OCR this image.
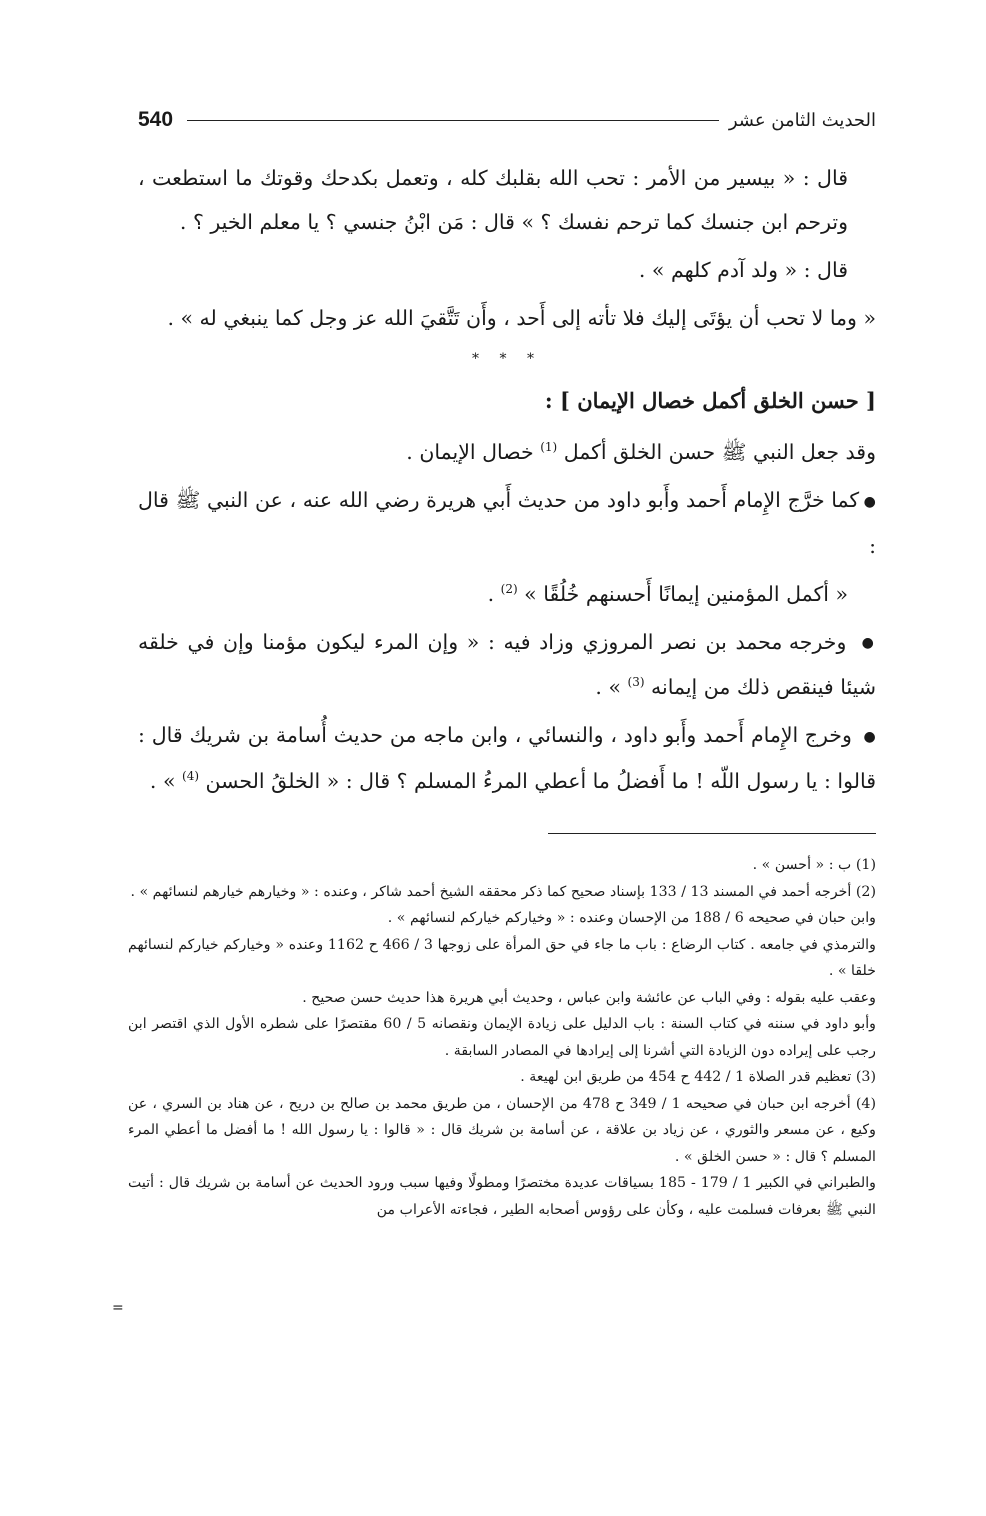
540	الحديث الثامن عشر

قال : « بيسير من الأمر : تحب الله بقلبك كله ، وتعمل بكدحك وقوتك ما استطعت ، وترحم ابن جنسك كما ترحم نفسك ؟ » قال : مَن ابْنُ جنسي ؟ يا معلم الخير ؟ .

قال : « ولد آدم كلهم » .

« وما لا تحب أن يؤتَى إليك فلا تأته إلى أَحد ، وأَن تَتَّقيَ الله عز وجل كما ينبغي له » .

* * *

[ حسن الخلق أكمل خصال الإيمان ] :

وقد جعل النبي ﷺ حسن الخلق أكمل $^{(1)}$ خصال الإيمان .

● كما خرَّج الإِمام أَحمد وأَبو داود من حديث أَبي هريرة رضي الله عنه ، عن النبي ﷺ قال :

« أكمل المؤمنين إيمانًا أَحسنهم خُلُقًا » $^{(2)}$ .

● وخرجه محمد بن نصر المروزي وزاد فيه : « وإن المرء ليكون مؤمنا وإن في خلقه شيئا فينقص ذلك من إيمانه $^{(3)}$ » .

● وخرج الإِمام أَحمد وأَبو داود ، والنسائي ، وابن ماجه من حديث أُسامة بن شريك قال : قالوا : يا رسول اللّه ! ما أَفضلُ ما أعطي المرءُ المسلم ؟ قال : « الخلقُ الحسن $^{(4)}$ » .

(1) ب : « أحسن » .

(2) أخرجه أحمد في المسند 13 / 133 بإسناد صحيح كما ذكر محققه الشيخ أحمد شاكر ، وعنده : « وخيارهم خيارهم لنسائهم » .

وابن حبان في صحيحه 6 / 188 من الإحسان وعنده : « وخياركم خياركم لنسائهم » .

والترمذي في جامعه . كتاب الرضاع : باب ما جاء في حق المرأة على زوجها 3 / 466 ح 1162 وعنده « وخياركم خياركم لنسائهم خلقا » .

وعقب عليه بقوله : وفي الباب عن عائشة وابن عباس ، وحديث أبي هريرة هذا حديث حسن صحيح .

وأبو داود في سننه في كتاب السنة : باب الدليل على زيادة الإيمان ونقصانه 5 / 60 مقتصرًا على شطره الأول الذي اقتصر ابن رجب على إيراده دون الزيادة التي أشرنا إلى إيرادها في المصادر السابقة .

(3) تعظيم قدر الصلاة 1 / 442 ح 454 من طريق ابن لهيعة .

(4) أخرجه ابن حبان في صحيحه 1 / 349 ح 478 من الإحسان ، من طريق محمد بن صالح بن دريح ، عن هناد بن السري ، عن وكيع ، عن مسعر والثوري ، عن زياد بن علاقة ، عن أسامة بن شريك قال : « قالوا : يا رسول الله ! ما أفضل ما أعطي المرء المسلم ؟ قال : « حسن الخلق » .

والطبراني في الكبير 1 / 179 - 185 بسياقات عديدة مختصرًا ومطولًا وفيها سبب ورود الحديث عن أسامة بن شريك قال : أتيت النبي ﷺ بعرفات فسلمت عليه ، وكأن على رؤوس أصحابه الطير ، فجاءته الأعراب من

=
